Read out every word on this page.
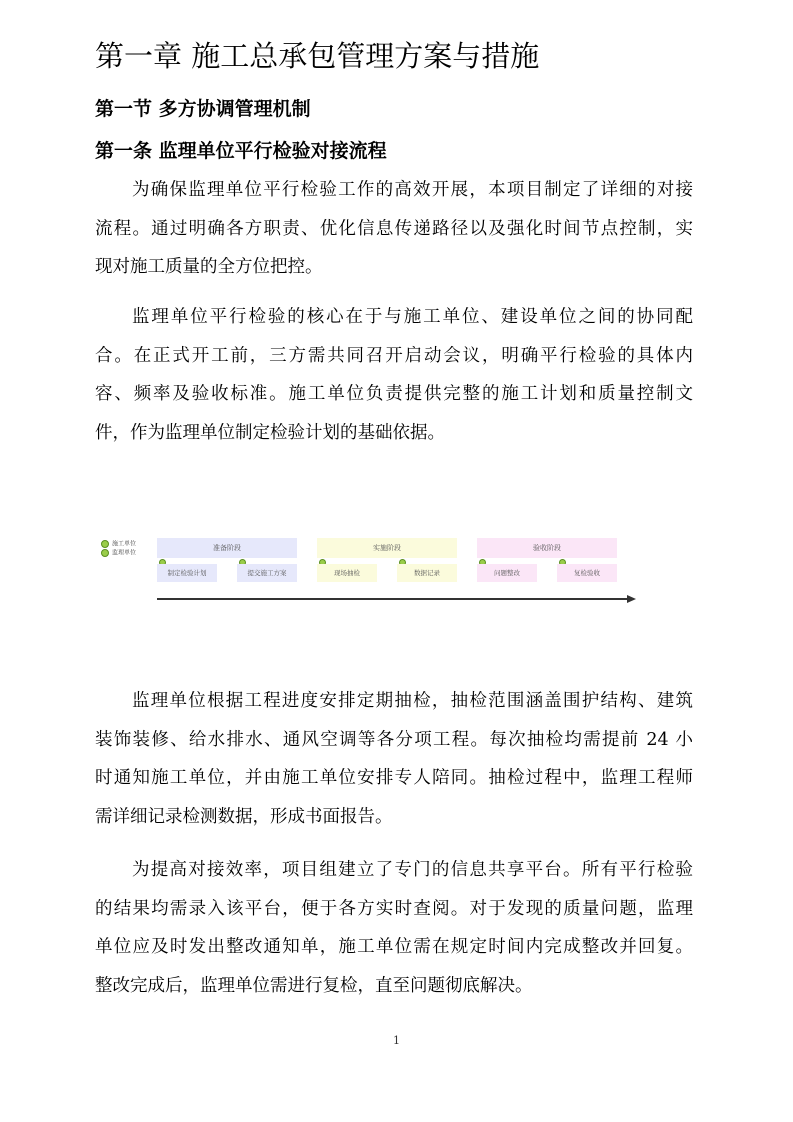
第一章 施工总承包管理方案与措施
第一节 多方协调管理机制
第一条 监理单位平行检验对接流程
为确保监理单位平行检验工作的高效开展，本项目制定了详细的对接
流程。通过明确各方职责、优化信息传递路径以及强化时间节点控制，实
现对施工质量的全方位把控。
监理单位平行检验的核心在于与施工单位、建设单位之间的协同配
合。在正式开工前，三方需共同召开启动会议，明确平行检验的具体内
容、频率及验收标准。施工单位负责提供完整的施工计划和质量控制文
件，作为监理单位制定检验计划的基础依据。
施工单位
监理单位
准备阶段
制定检验计划	提交施工方案
实施阶段
现场抽检	数据记录
验收阶段
问题整改	复检验收
监理单位根据工程进度安排定期抽检，抽检范围涵盖围护结构、建筑
装饰装修、给水排水、通风空调等各分项工程。每次抽检均需提前 24 小
时通知施工单位，并由施工单位安排专人陪同。抽检过程中，监理工程师
需详细记录检测数据，形成书面报告。
为提高对接效率，项目组建立了专门的信息共享平台。所有平行检验
的结果均需录入该平台，便于各方实时查阅。对于发现的质量问题，监理
单位应及时发出整改通知单，施工单位需在规定时间内完成整改并回复。
整改完成后，监理单位需进行复检，直至问题彻底解决。
1
